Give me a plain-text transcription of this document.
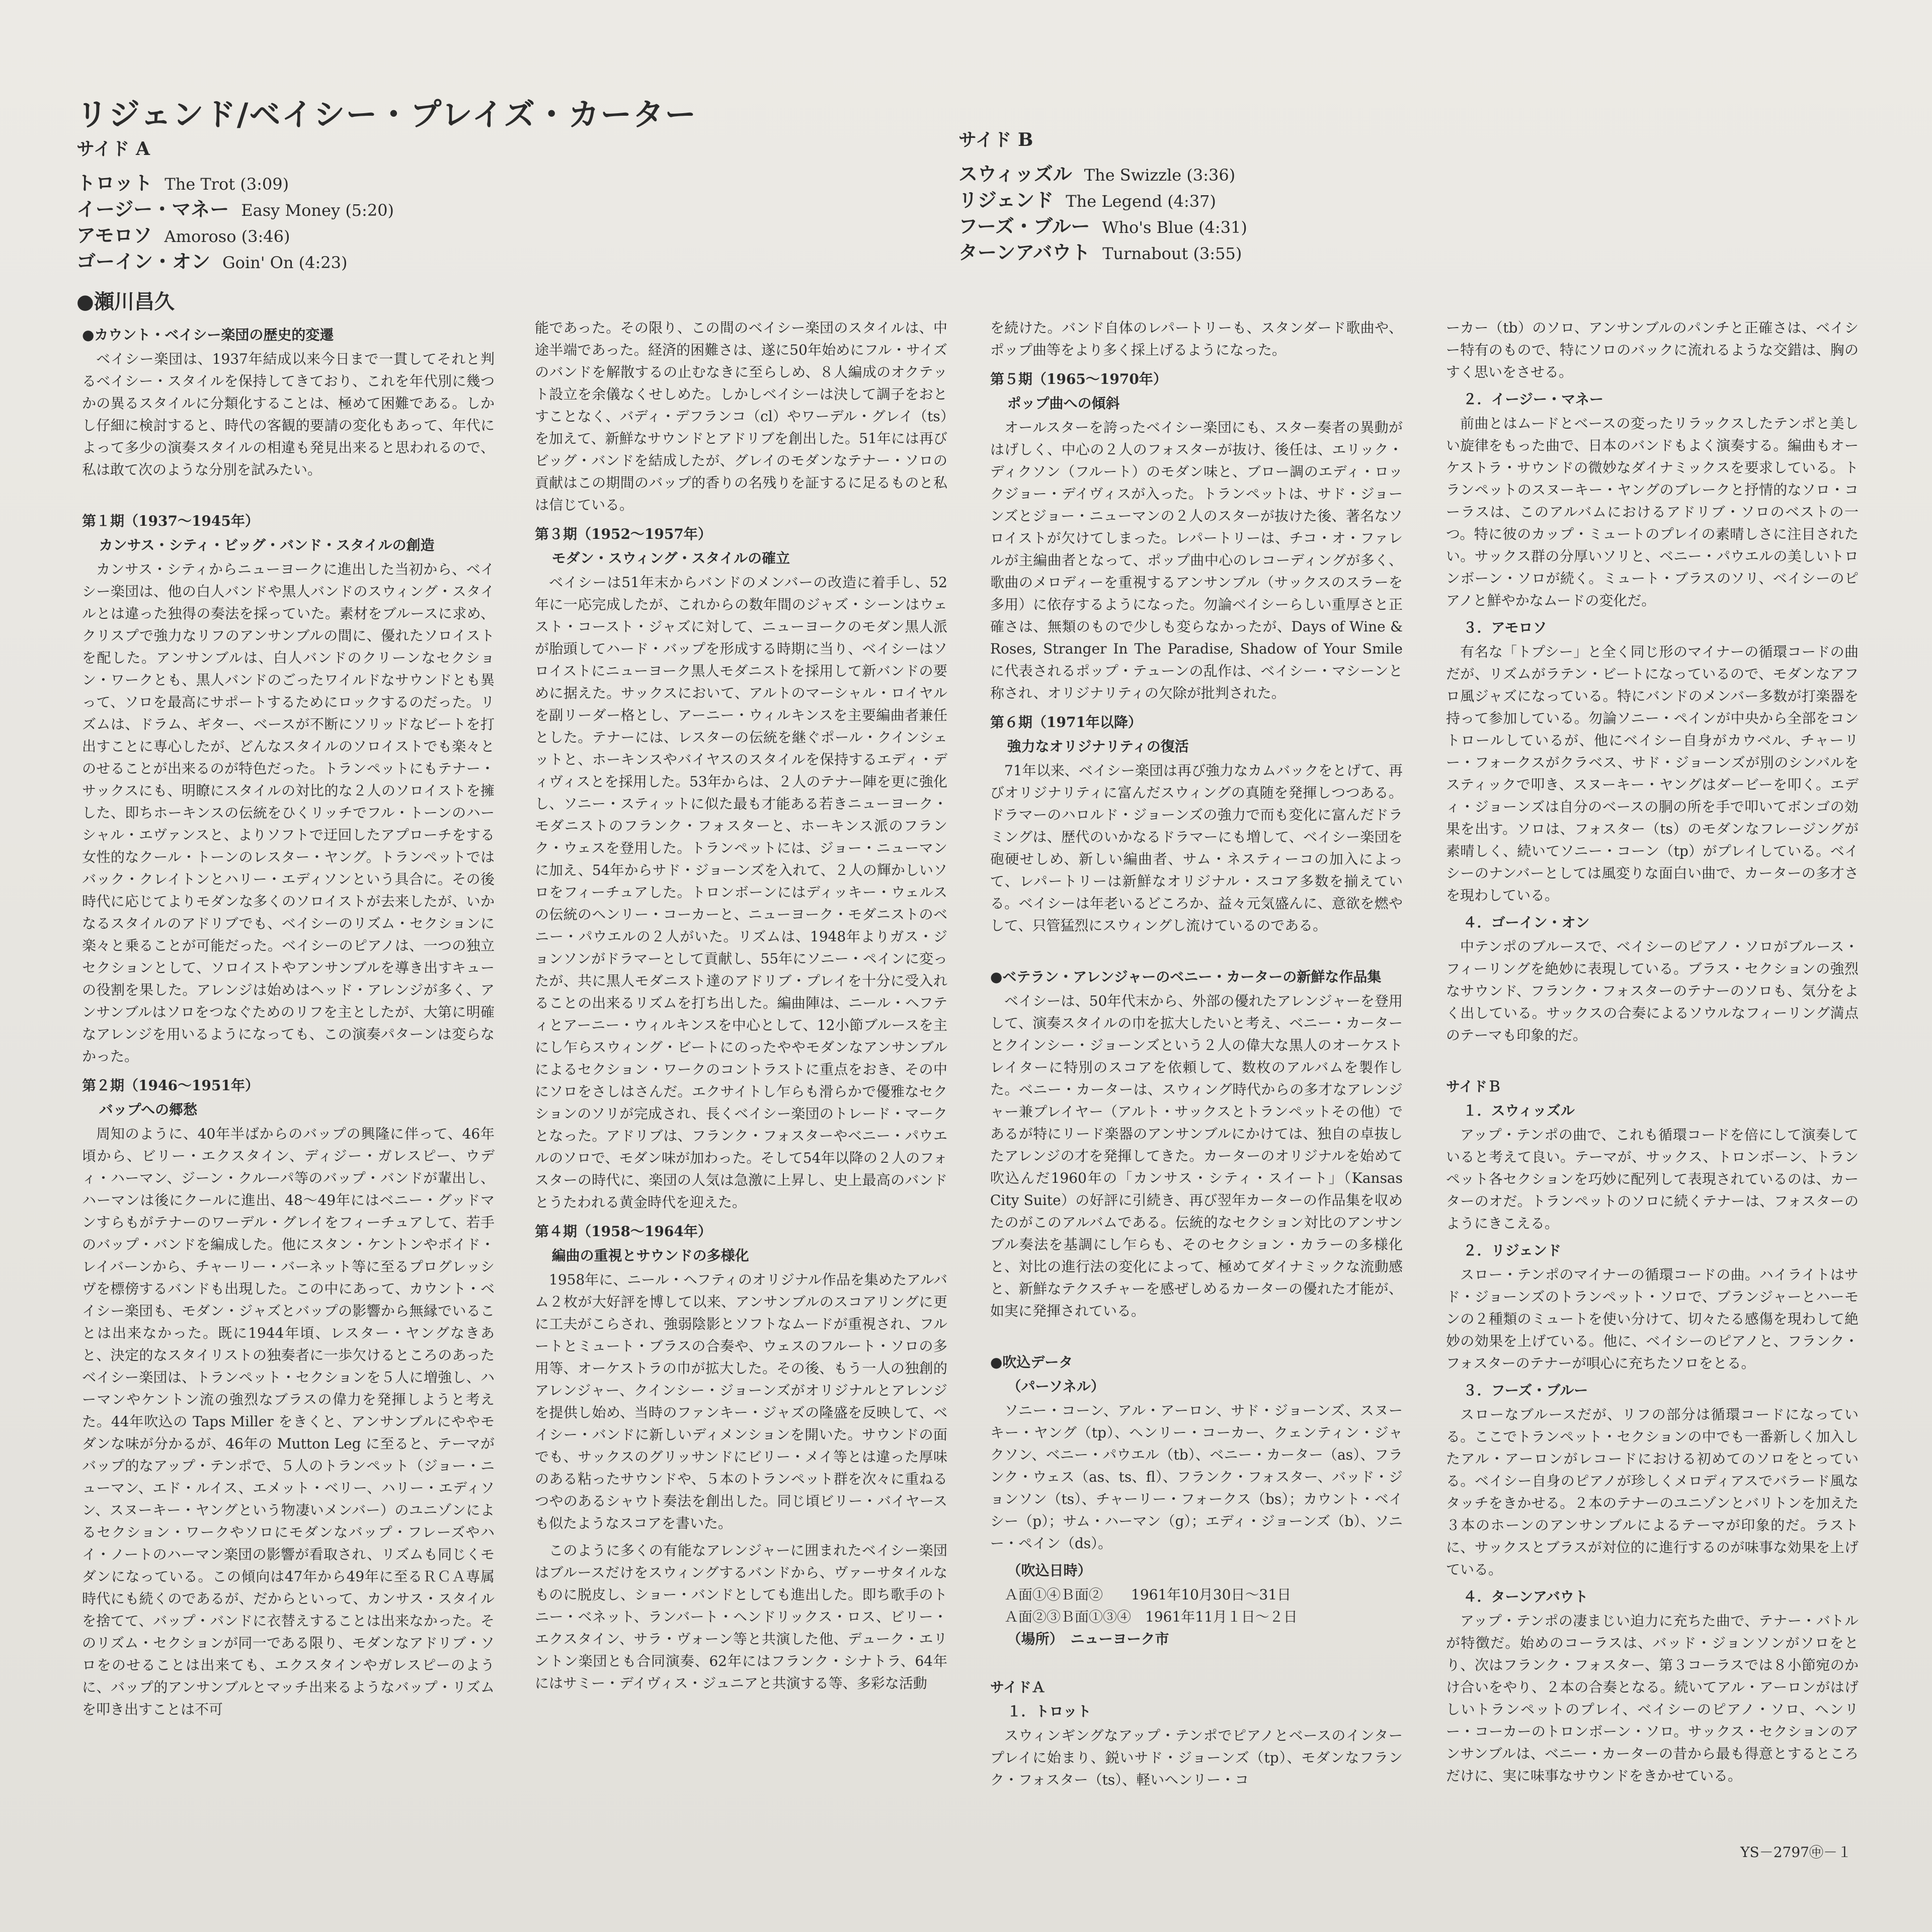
リジェンド/ベイシー・プレイズ・カーター
サイド A
トロット The Trot (3:09)
イージー・マネー Easy Money (5:20)
アモロソ Amoroso (3:46)
ゴーイン・オン Goin' On (4:23)
サイド B
スウィッズル The Swizzle (3:36)
リジェンド The Legend (4:37)
フーズ・ブルー Who's Blue (4:31)
ターンアバウト Turnabout (3:55)
●瀬川昌久
●カウント・ベイシー楽団の歴史的変遷

ベイシー楽団は、1937年結成以来今日まで一貫してそれと判るベイシー・スタイルを保持してきており、これを年代別に幾つかの異るスタイルに分類化することは、極めて困難である。しかし仔細に検討すると、時代の客観的要請の変化もあって、年代によって多少の演奏スタイルの相違も発見出来ると思われるので、私は敢て次のような分別を試みたい。

第１期（1937～1945年）
カンサス・シティ・ビッグ・バンド・スタイルの創造

カンサス・シティからニューヨークに進出した当初から、ベイシー楽団は、他の白人バンドや黒人バンドのスウィング・スタイルとは違った独得の奏法を採っていた。素材をブルースに求め、クリスプで強力なリフのアンサンブルの間に、優れたソロイストを配した。アンサンブルは、白人バンドのクリーンなセクション・ワークとも、黒人バンドのごったワイルドなサウンドとも異って、ソロを最高にサポートするためにロックするのだった。リズムは、ドラム、ギター、ベースが不断にソリッドなビートを打出すことに専心したが、どんなスタイルのソロイストでも楽々とのせることが出来るのが特色だった。トランペットにもテナー・サックスにも、明瞭にスタイルの対比的な２人のソロイストを擁した、即ちホーキンスの伝統をひくリッチでフル・トーンのハーシャル・エヴァンスと、よりソフトで迂回したアプローチをする女性的なクール・トーンのレスター・ヤング。トランペットではバック・クレイトンとハリー・エディソンという具合に。その後時代に応じてよりモダンな多くのソロイストが去来したが、いかなるスタイルのアドリブでも、ベイシーのリズム・セクションに楽々と乗ることが可能だった。ベイシーのピアノは、一つの独立セクションとして、ソロイストやアンサンブルを導き出すキューの役割を果した。アレンジは始めはヘッド・アレンジが多く、アンサンブルはソロをつなぐためのリフを主としたが、大第に明確なアレンジを用いるようになっても、この演奏パターンは変らなかった。

第２期（1946～1951年）
バップへの郷愁

周知のように、40年半ばからのバップの興隆に伴って、46年頃から、ビリー・エクスタイン、ディジー・ガレスピー、ウディ・ハーマン、ジーン・クルーパ等のバップ・バンドが輩出し、ハーマンは後にクールに進出、48～49年にはベニー・グッドマンすらもがテナーのワーデル・グレイをフィーチュアして、若手のバップ・バンドを編成した。他にスタン・ケントンやボイド・レイバーンから、チャーリー・バーネット等に至るプログレッシヴを標傍するバンドも出現した。この中にあって、カウント・ベイシー楽団も、モダン・ジャズとバップの影響から無縁でいることは出来なかった。既に1944年頃、レスター・ヤングなきあと、決定的なスタイリストの独奏者に一歩欠けるところのあったベイシー楽団は、トランペット・セクションを５人に増強し、ハーマンやケントン流の強烈なブラスの偉力を発揮しようと考えた。44年吹込の Taps Miller をきくと、アンサンブルにややモダンな味が分かるが、46年の Mutton Leg に至ると、テーマがバップ的なアップ・テンポで、５人のトランペット（ジョー・ニューマン、エド・ルイス、エメット・ベリー、ハリー・エディソン、スヌーキー・ヤングという物凄いメンバー）のユニゾンによるセクション・ワークやソロにモダンなバップ・フレーズやハイ・ノートのハーマン楽団の影響が看取され、リズムも同じくモダンになっている。この傾向は47年から49年に至るＲＣＡ専属時代にも続くのであるが、だからといって、カンサス・スタイルを捨てて、バップ・バンドに衣替えすることは出来なかった。そのリズム・セクションが同一である限り、モダンなアドリブ・ソロをのせることは出来ても、エクスタインやガレスピーのように、バップ的アンサンブルとマッチ出来るようなバップ・リズムを叩き出すことは不可

能であった。その限り、この間のベイシー楽団のスタイルは、中途半端であった。経済的困難さは、遂に50年始めにフル・サイズのバンドを解散するの止むなきに至らしめ、８人編成のオクテット設立を余儀なくせしめた。しかしベイシーは決して調子をおとすことなく、バディ・デフランコ（cl）やワーデル・グレイ（ts）を加えて、新鮮なサウンドとアドリブを創出した。51年には再びビッグ・バンドを結成したが、グレイのモダンなテナー・ソロの貢献はこの期間のバップ的香りの名残りを証するに足るものと私は信じている。

第３期（1952～1957年）
モダン・スウィング・スタイルの確立

ベイシーは51年末からバンドのメンバーの改造に着手し、52年に一応完成したが、これからの数年間のジャズ・シーンはウェスト・コースト・ジャズに対して、ニューヨークのモダン黒人派が胎頭してハード・バップを形成する時期に当り、ベイシーはソロイストにニューヨーク黒人モダニストを採用して新バンドの要めに据えた。サックスにおいて、アルトのマーシャル・ロイヤルを副リーダー格とし、アーニー・ウィルキンスを主要編曲者兼任とした。テナーには、レスターの伝統を継ぐポール・クインシェットと、ホーキンスやバイヤスのスタイルを保持するエディ・ディヴィスとを採用した。53年からは、２人のテナー陣を更に強化し、ソニー・スティットに似た最も才能ある若きニューヨーク・モダニストのフランク・フォスターと、ホーキンス派のフランク・ウェスを登用した。トランペットには、ジョー・ニューマンに加え、54年からサド・ジョーンズを入れて、２人の輝かしいソロをフィーチュアした。トロンボーンにはディッキー・ウェルスの伝統のヘンリー・コーカーと、ニューヨーク・モダニストのベニー・パウエルの２人がいた。リズムは、1948年よりガス・ジョンソンがドラマーとして貢献し、55年にソニー・ペインに変ったが、共に黒人モダニスト達のアドリブ・プレイを十分に受入れることの出来るリズムを打ち出した。編曲陣は、ニール・ヘフティとアーニー・ウィルキンスを中心として、12小節ブルースを主にし乍らスウィング・ビートにのったややモダンなアンサンブルによるセクション・ワークのコントラストに重点をおき、その中にソロをさしはさんだ。エクサイトし乍らも滑らかで優雅なセクションのソリが完成され、長くベイシー楽団のトレード・マークとなった。アドリブは、フランク・フォスターやベニー・パウエルのソロで、モダン味が加わった。そして54年以降の２人のフォスターの時代に、楽団の人気は急激に上昇し、史上最高のバンドとうたわれる黄金時代を迎えた。

第４期（1958～1964年）
編曲の重視とサウンドの多様化

1958年に、ニール・ヘフティのオリジナル作品を集めたアルバム２枚が大好評を博して以来、アンサンブルのスコアリングに更に工夫がこらされ、強弱陰影とソフトなムードが重視され、フルートとミュート・ブラスの合奏や、ウェスのフルート・ソロの多用等、オーケストラの巾が拡大した。その後、もう一人の独創的アレンジャー、クインシー・ジョーンズがオリジナルとアレンジを提供し始め、当時のファンキー・ジャズの隆盛を反映して、ベイシー・バンドに新しいディメンションを開いた。サウンドの面でも、サックスのグリッサンドにビリー・メイ等とは違った厚味のある粘ったサウンドや、５本のトランペット群を次々に重ねるつやのあるシャウト奏法を創出した。同じ頃ビリー・バイヤースも似たようなスコアを書いた。

このように多くの有能なアレンジャーに囲まれたベイシー楽団はブルースだけをスウィングするバンドから、ヴァーサタイルなものに脱皮し、ショー・バンドとしても進出した。即ち歌手のトニー・ベネット、ランバート・ヘンドリックス・ロス、ビリー・エクスタイン、サラ・ヴォーン等と共演した他、デューク・エリントン楽団とも合同演奏、62年にはフランク・シナトラ、64年にはサミー・デイヴィス・ジュニアと共演する等、多彩な活動

を続けた。バンド自体のレパートリーも、スタンダード歌曲や、ポップ曲等をより多く採上げるようになった。

第５期（1965～1970年）
ポップ曲への傾斜

オールスターを誇ったベイシー楽団にも、スター奏者の異動がはげしく、中心の２人のフォスターが抜け、後任は、エリック・ディクソン（フルート）のモダン味と、ブロー調のエディ・ロックジョー・デイヴィスが入った。トランペットは、サド・ジョーンズとジョー・ニューマンの２人のスターが抜けた後、著名なソロイストが欠けてしまった。レパートリーは、チコ・オ・ファレルが主編曲者となって、ポップ曲中心のレコーディングが多く、歌曲のメロディーを重視するアンサンブル（サックスのスラーを多用）に依存するようになった。勿論ベイシーらしい重厚さと正確さは、無類のもので少しも変らなかったが、Days of Wine & Roses, Stranger In The Paradise, Shadow of Your Smile に代表されるポップ・テューンの乱作は、ベイシー・マシーンと称され、オリジナリティの欠除が批判された。

第６期（1971年以降）
強力なオリジナリティの復活

71年以来、ベイシー楽団は再び強力なカムバックをとげて、再びオリジナリティに富んだスウィングの真随を発揮しつつある。ドラマーのハロルド・ジョーンズの強力で而も変化に富んだドラミングは、歴代のいかなるドラマーにも増して、ベイシー楽団を砲硬せしめ、新しい編曲者、サム・ネスティーコの加入によって、レパートリーは新鮮なオリジナル・スコア多数を揃えている。ベイシーは年老いるどころか、益々元気盛んに、意欲を燃やして、只管猛烈にスウィングし流けているのである。

●ベテラン・アレンジャーのベニー・カーターの新鮮な作品集

ベイシーは、50年代末から、外部の優れたアレンジャーを登用して、演奏スタイルの巾を拡大したいと考え、ベニー・カーターとクインシー・ジョーンズという２人の偉大な黒人のオーケストレイターに特別のスコアを依頼して、数枚のアルバムを製作した。ベニー・カーターは、スウィング時代からの多才なアレンジャー兼プレイヤー（アルト・サックスとトランペットその他）であるが特にリード楽器のアンサンブルにかけては、独自の卓抜したアレンジの才を発揮してきた。カーターのオリジナルを始めて吹込んだ1960年の「カンサス・シティ・スイート」（Kansas City Suite）の好評に引続き、再び翌年カーターの作品集を収めたのがこのアルバムである。伝統的なセクション対比のアンサンブル奏法を基調にし乍らも、そのセクション・カラーの多様化と、対比の進行法の変化によって、極めてダイナミックな流動感と、新鮮なテクスチャーを感ぜしめるカーターの優れた才能が、如実に発揮されている。

●吹込データ
（パーソネル）

ソニー・コーン、アル・アーロン、サド・ジョーンズ、スヌーキー・ヤング（tp）、ヘンリー・コーカー、クェンティン・ジャクソン、ベニー・パウエル（tb）、ベニー・カーター（as）、フランク・ウェス（as、ts、fl）、フランク・フォスター、バッド・ジョンソン（ts）、チャーリー・フォークス（bs）；カウント・ベイシー（p）；サム・ハーマン（g）；エディ・ジョーンズ（b）、ソニー・ペイン（ds）。

（吹込日時）

Ａ面①④Ｂ面②　　1961年10月30日～31日

Ａ面②③Ｂ面①③④　1961年11月１日～２日

（場所）　ニューヨーク市
サイドＡ
１．トロット

スウィンギングなアップ・テンポでピアノとベースのインタープレイに始まり、鋭いサド・ジョーンズ（tp）、モダンなフランク・フォスター（ts）、軽いヘンリー・コ

ーカー（tb）のソロ、アンサンブルのパンチと正確さは、ベイシー特有のもので、特にソロのバックに流れるような交錯は、胸のすく思いをさせる。

２．イージー・マネー

前曲とはムードとベースの変ったリラックスしたテンポと美しい旋律をもった曲で、日本のバンドもよく演奏する。編曲もオーケストラ・サウンドの微妙なダイナミックスを要求している。トランペットのスヌーキー・ヤングのブレークと抒情的なソロ・コーラスは、このアルバムにおけるアドリブ・ソロのベストの一つ。特に彼のカップ・ミュートのプレイの素晴しさに注目されたい。サックス群の分厚いソリと、ベニー・パウエルの美しいトロンボーン・ソロが続く。ミュート・ブラスのソリ、ベイシーのピアノと鮮やかなムードの変化だ。

３．アモロソ

有名な「トプシー」と全く同じ形のマイナーの循環コードの曲だが、リズムがラテン・ビートになっているので、モダンなアフロ風ジャズになっている。特にバンドのメンバー多数が打楽器を持って参加している。勿論ソニー・ペインが中央から全部をコントロールしているが、他にベイシー自身がカウベル、チャーリー・フォークスがクラベス、サド・ジョーンズが別のシンバルをスティックで叩き、スヌーキー・ヤングはダービーを叩く。エディ・ジョーンズは自分のベースの胴の所を手で叩いてボンゴの効果を出す。ソロは、フォスター（ts）のモダンなフレージングが素晴しく、続いてソニー・コーン（tp）がプレイしている。ベイシーのナンバーとしては風変りな面白い曲で、カーターの多才さを現わしている。

４．ゴーイン・オン

中テンポのブルースで、ベイシーのピアノ・ソロがブルース・フィーリングを絶妙に表現している。ブラス・セクションの強烈なサウンド、フランク・フォスターのテナーのソロも、気分をよく出している。サックスの合奏によるソウルなフィーリング満点のテーマも印象的だ。

サイドＢ
１．スウィッズル

アップ・テンポの曲で、これも循環コードを倍にして演奏していると考えて良い。テーマが、サックス、トロンボーン、トランペット各セクションを巧妙に配列して表現されているのは、カーターのオだ。トランペットのソロに続くテナーは、フォスターのようにきこえる。

２．リジェンド

スロー・テンポのマイナーの循環コードの曲。ハイライトはサド・ジョーンズのトランペット・ソロで、ブランジャーとハーモンの２種類のミュートを使い分けて、切々たる感傷を現わして絶妙の効果を上げている。他に、ベイシーのピアノと、フランク・フォスターのテナーが唄心に充ちたソロをとる。

３．フーズ・ブルー

スローなブルースだが、リフの部分は循環コードになっている。ここでトランペット・セクションの中でも一番新しく加入したアル・アーロンがレコードにおける初めてのソロをとっている。ベイシー自身のピアノが珍しくメロディアスでバラード風なタッチをきかせる。２本のテナーのユニゾンとバリトンを加えた３本のホーンのアンサンブルによるテーマが印象的だ。ラストに、サックスとブラスが対位的に進行するのが味事な効果を上げている。

４．ターンアバウト

アップ・テンポの凄まじい迫力に充ちた曲で、テナー・バトルが特徴だ。始めのコーラスは、バッド・ジョンソンがソロをとり、次はフランク・フォスター、第３コーラスでは８小節宛のかけ合いをやり、２本の合奏となる。続いてアル・アーロンがはげしいトランペットのプレイ、ベイシーのピアノ・ソロ、ヘンリー・コーカーのトロンボーン・ソロ。サックス・セクションのアンサンブルは、ベニー・カーターの昔から最も得意とするところだけに、実に味事なサウンドをきかせている。

YS－2797㊥－１
